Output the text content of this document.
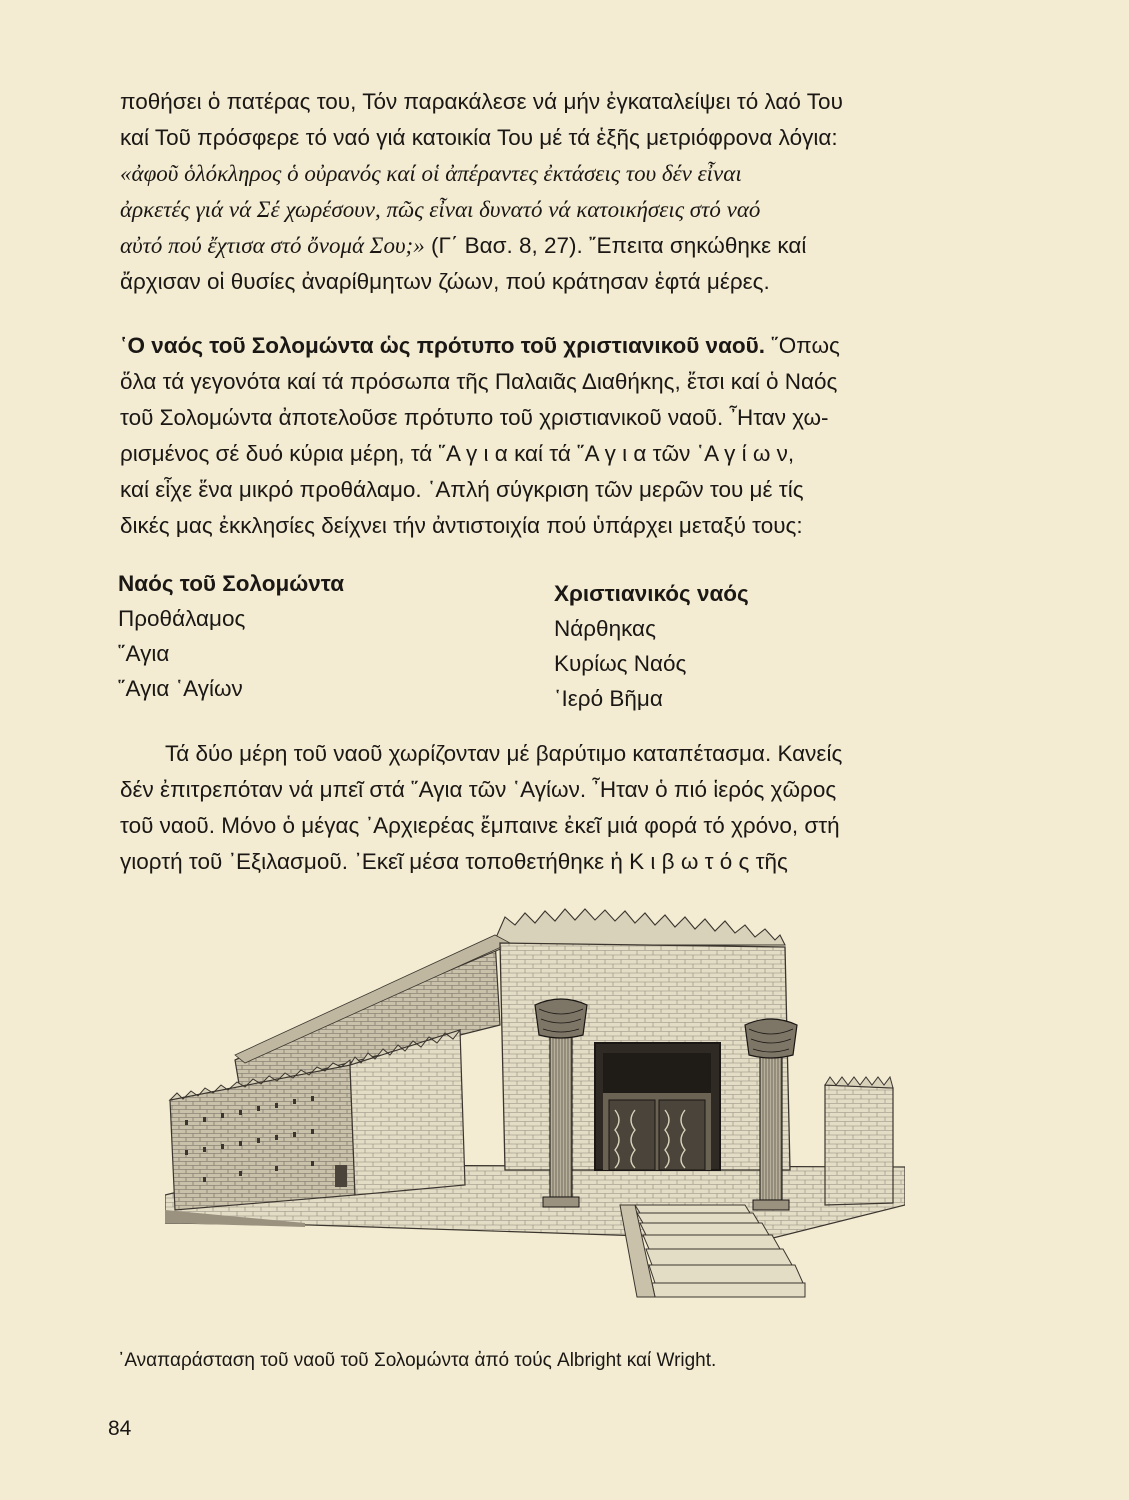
ποθήσει ὁ πατέρας του, Τόν παρακάλεσε νά μήν ἐγκαταλείψει τό λαό Του
καί Τοῦ πρόσφερε τό ναό γιά κατοικία Του μέ τά ἑξῆς μετριόφρονα λόγια:
«ἀφοῦ ὁλόκληρος ὁ οὐρανός καί οἱ ἀπέραντες ἐκτάσεις του δέν εἶναι
ἀρκετές γιά νά Σέ χωρέσουν, πῶς εἶναι δυνατό νά κατοικήσεις στό ναό
αὐτό πού ἔχτισα στό ὄνομά Σου;» (Γ΄ Βασ. 8, 27). ῎Επειτα σηκώθηκε καί
ἄρχισαν οἱ θυσίες ἀναρίθμητων ζώων, πού κράτησαν ἑφτά μέρες.

῾Ο ναός τοῦ Σολομώντα ὡς πρότυπο τοῦ χριστιανικοῦ ναοῦ. ῞Οπως
ὅλα τά γεγονότα καί τά πρόσωπα τῆς Παλαιᾶς Διαθήκης, ἔτσι καί ὁ Ναός
τοῦ Σολομώντα ἀποτελοῦσε πρότυπο τοῦ χριστιανικοῦ ναοῦ. ῏Ηταν χω-
ρισμένος σέ δυό κύρια μέρη, τά ῞Α γ ι α καί τά ῞Α γ ι α τῶν ῾Α γ ί ω ν,
καί εἶχε ἕνα μικρό προθάλαμο. ῾Απλή σύγκριση τῶν μερῶν του μέ τίς
δικές μας ἐκκλησίες δείχνει τήν ἀντιστοιχία πού ὑπάρχει μεταξύ τους:

Ναός τοῦ Σολομώντα
Προθάλαμος
῞Αγια
῞Αγια ῾Αγίων
Χριστιανικός ναός
Νάρθηκας
Κυρίως Ναός
῾Ιερό Βῆμα

Τά δύο μέρη τοῦ ναοῦ χωρίζονταν μέ βαρύτιμο καταπέτασμα. Κανείς
δέν ἐπιτρεπόταν νά μπεῖ στά ῞Αγια τῶν ῾Αγίων. ῏Ηταν ὁ πιό ἱερός χῶρος
τοῦ ναοῦ. Μόνο ὁ μέγας ᾿Αρχιερέας ἔμπαινε ἐκεῖ μιά φορά τό χρόνο, στή
γιορτή τοῦ ᾿Εξιλασμοῦ. ᾿Εκεῖ μέσα τοποθετήθηκε ἡ Κ ι β ω τ ό ς τῆς

᾿Αναπαράσταση τοῦ ναοῦ τοῦ Σολομώντα ἀπό τούς Albright καί Wright.
84
